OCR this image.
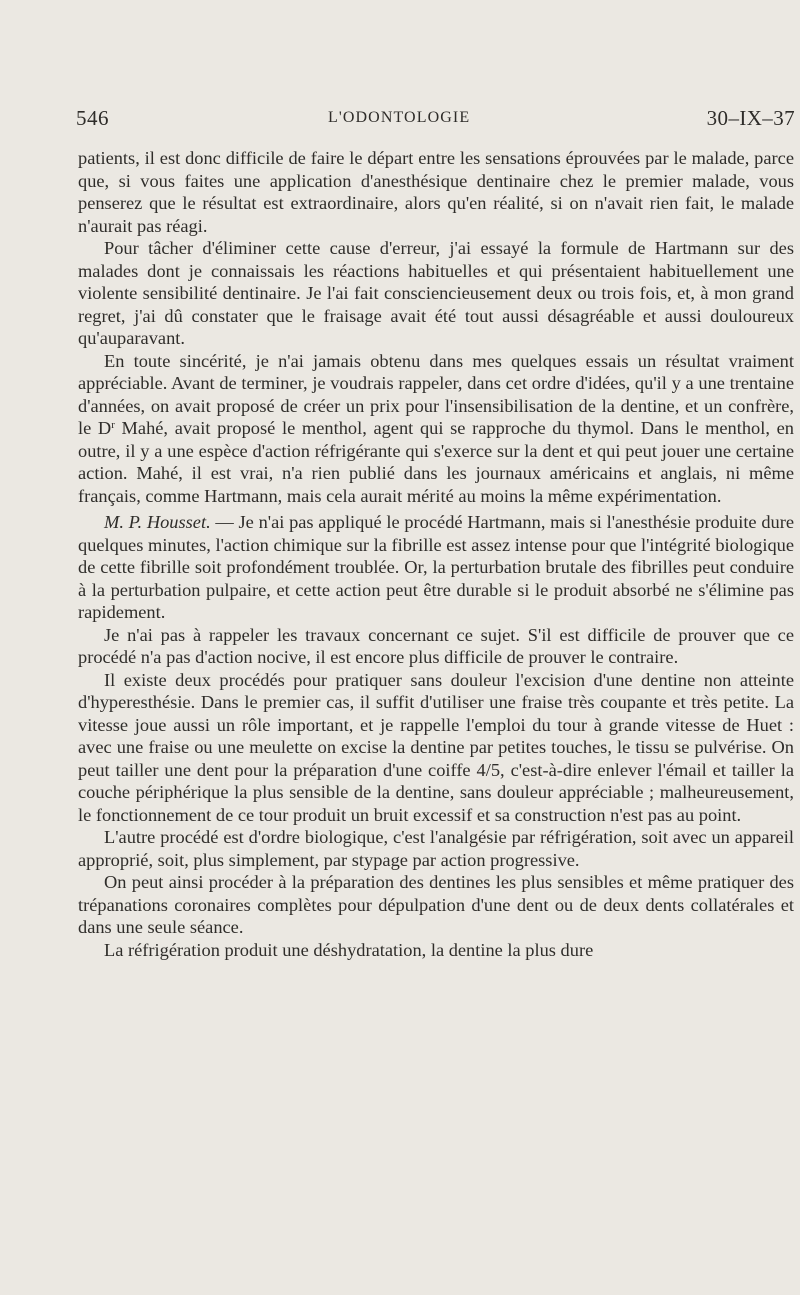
546	L'ODONTOLOGIE	30–IX–37

patients, il est donc difficile de faire le départ entre les sensations éprouvées par le malade, parce que, si vous faites une application d'anesthésique dentinaire chez le premier malade, vous penserez que le résultat est extraordinaire, alors qu'en réalité, si on n'avait rien fait, le malade n'aurait pas réagi.

Pour tâcher d'éliminer cette cause d'erreur, j'ai essayé la formule de Hartmann sur des malades dont je connaissais les réactions habituelles et qui présentaient habituellement une violente sensibilité dentinaire. Je l'ai fait consciencieusement deux ou trois fois, et, à mon grand regret, j'ai dû constater que le fraisage avait été tout aussi désagréable et aussi douloureux qu'auparavant.

En toute sincérité, je n'ai jamais obtenu dans mes quelques essais un résultat vraiment appréciable. Avant de terminer, je voudrais rappeler, dans cet ordre d'idées, qu'il y a une trentaine d'années, on avait proposé de créer un prix pour l'insensibilisation de la dentine, et un confrère, le $D^r$ Mahé, avait proposé le menthol, agent qui se rapproche du thymol. Dans le menthol, en outre, il y a une espèce d'action réfrigérante qui s'exerce sur la dent et qui peut jouer une certaine action. Mahé, il est vrai, n'a rien publié dans les journaux américains et anglais, ni même français, comme Hartmann, mais cela aurait mérité au moins la même expérimentation.

M. P. Housset. — Je n'ai pas appliqué le procédé Hartmann, mais si l'anesthésie produite dure quelques minutes, l'action chimique sur la fibrille est assez intense pour que l'intégrité biologique de cette fibrille soit profondément troublée. Or, la perturbation brutale des fibrilles peut conduire à la perturbation pulpaire, et cette action peut être durable si le produit absorbé ne s'élimine pas rapidement.

Je n'ai pas à rappeler les travaux concernant ce sujet. S'il est difficile de prouver que ce procédé n'a pas d'action nocive, il est encore plus difficile de prouver le contraire.

Il existe deux procédés pour pratiquer sans douleur l'excision d'une dentine non atteinte d'hyperesthésie. Dans le premier cas, il suffit d'utiliser une fraise très coupante et très petite. La vitesse joue aussi un rôle important, et je rappelle l'emploi du tour à grande vitesse de Huet : avec une fraise ou une meulette on excise la dentine par petites touches, le tissu se pulvérise. On peut tailler une dent pour la préparation d'une coiffe 4/5, c'est-à-dire enlever l'émail et tailler la couche périphérique la plus sensible de la dentine, sans douleur appréciable ; malheureusement, le fonctionnement de ce tour produit un bruit excessif et sa construction n'est pas au point.

L'autre procédé est d'ordre biologique, c'est l'analgésie par réfrigération, soit avec un appareil approprié, soit, plus simplement, par stypage par action progressive.

On peut ainsi procéder à la préparation des dentines les plus sensibles et même pratiquer des trépanations coronaires complètes pour dépulpation d'une dent ou de deux dents collatérales et dans une seule séance.

La réfrigération produit une déshydratation, la dentine la plus dure
